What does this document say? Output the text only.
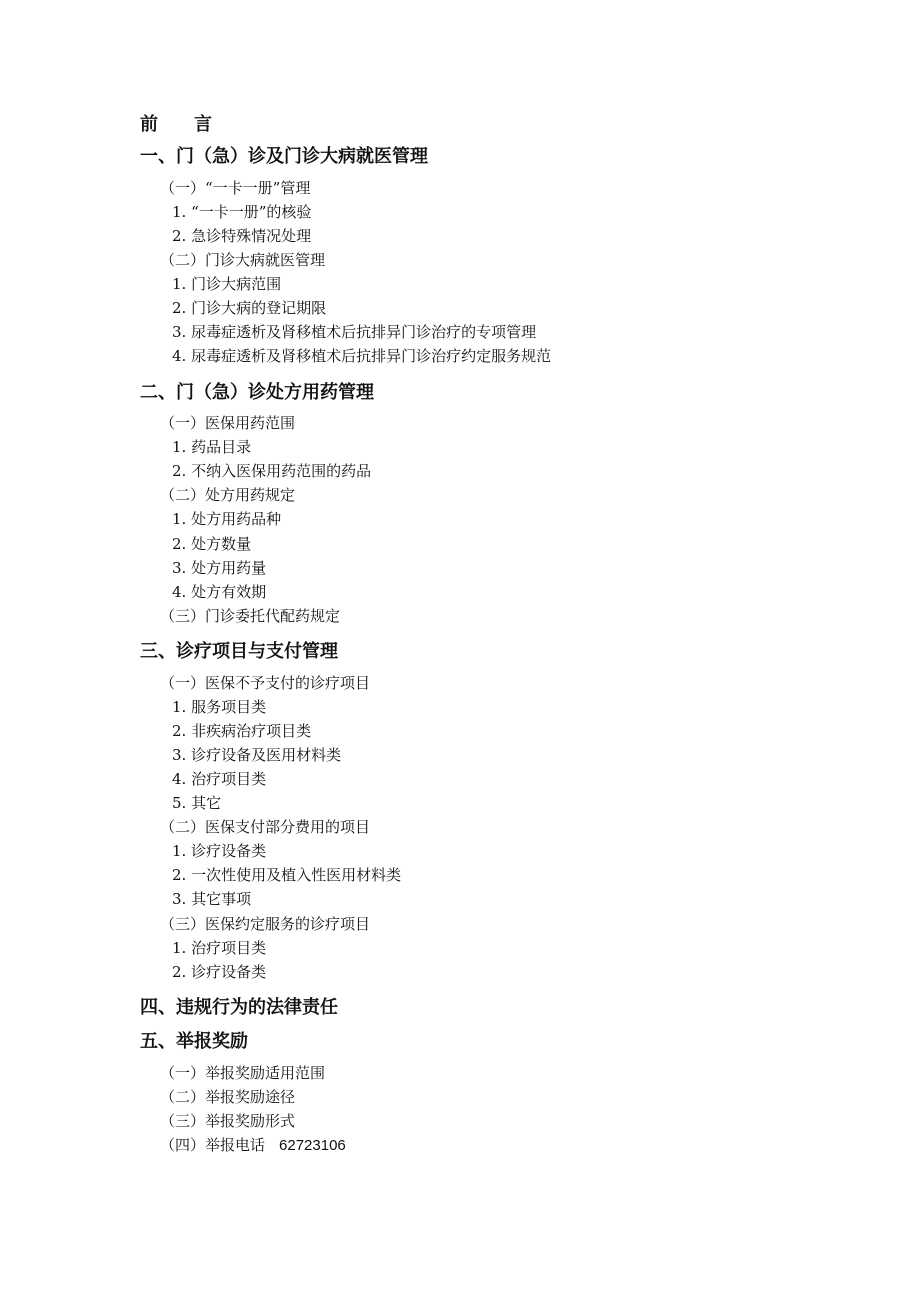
前 言
一、门（急）诊及门诊大病就医管理
（一）“一卡一册”管理
1. “一卡一册”的核验
2. 急诊特殊情况处理
（二）门诊大病就医管理
1. 门诊大病范围
2. 门诊大病的登记期限
3. 尿毒症透析及肾移植术后抗排异门诊治疗的专项管理
4. 尿毒症透析及肾移植术后抗排异门诊治疗约定服务规范
二、门（急）诊处方用药管理
（一）医保用药范围
1. 药品目录
2. 不纳入医保用药范围的药品
（二）处方用药规定
1. 处方用药品种
2. 处方数量
3. 处方用药量
4. 处方有效期
（三）门诊委托代配药规定
三、诊疗项目与支付管理
（一）医保不予支付的诊疗项目
1. 服务项目类
2. 非疾病治疗项目类
3. 诊疗设备及医用材料类
4. 治疗项目类
5. 其它
（二）医保支付部分费用的项目
1. 诊疗设备类
2. 一次性使用及植入性医用材料类
3. 其它事项
（三）医保约定服务的诊疗项目
1. 治疗项目类
2. 诊疗设备类
四、违规行为的法律责任
五、举报奖励
（一）举报奖励适用范围
（二）举报奖励途径
（三）举报奖励形式
（四）举报电话 62723106
